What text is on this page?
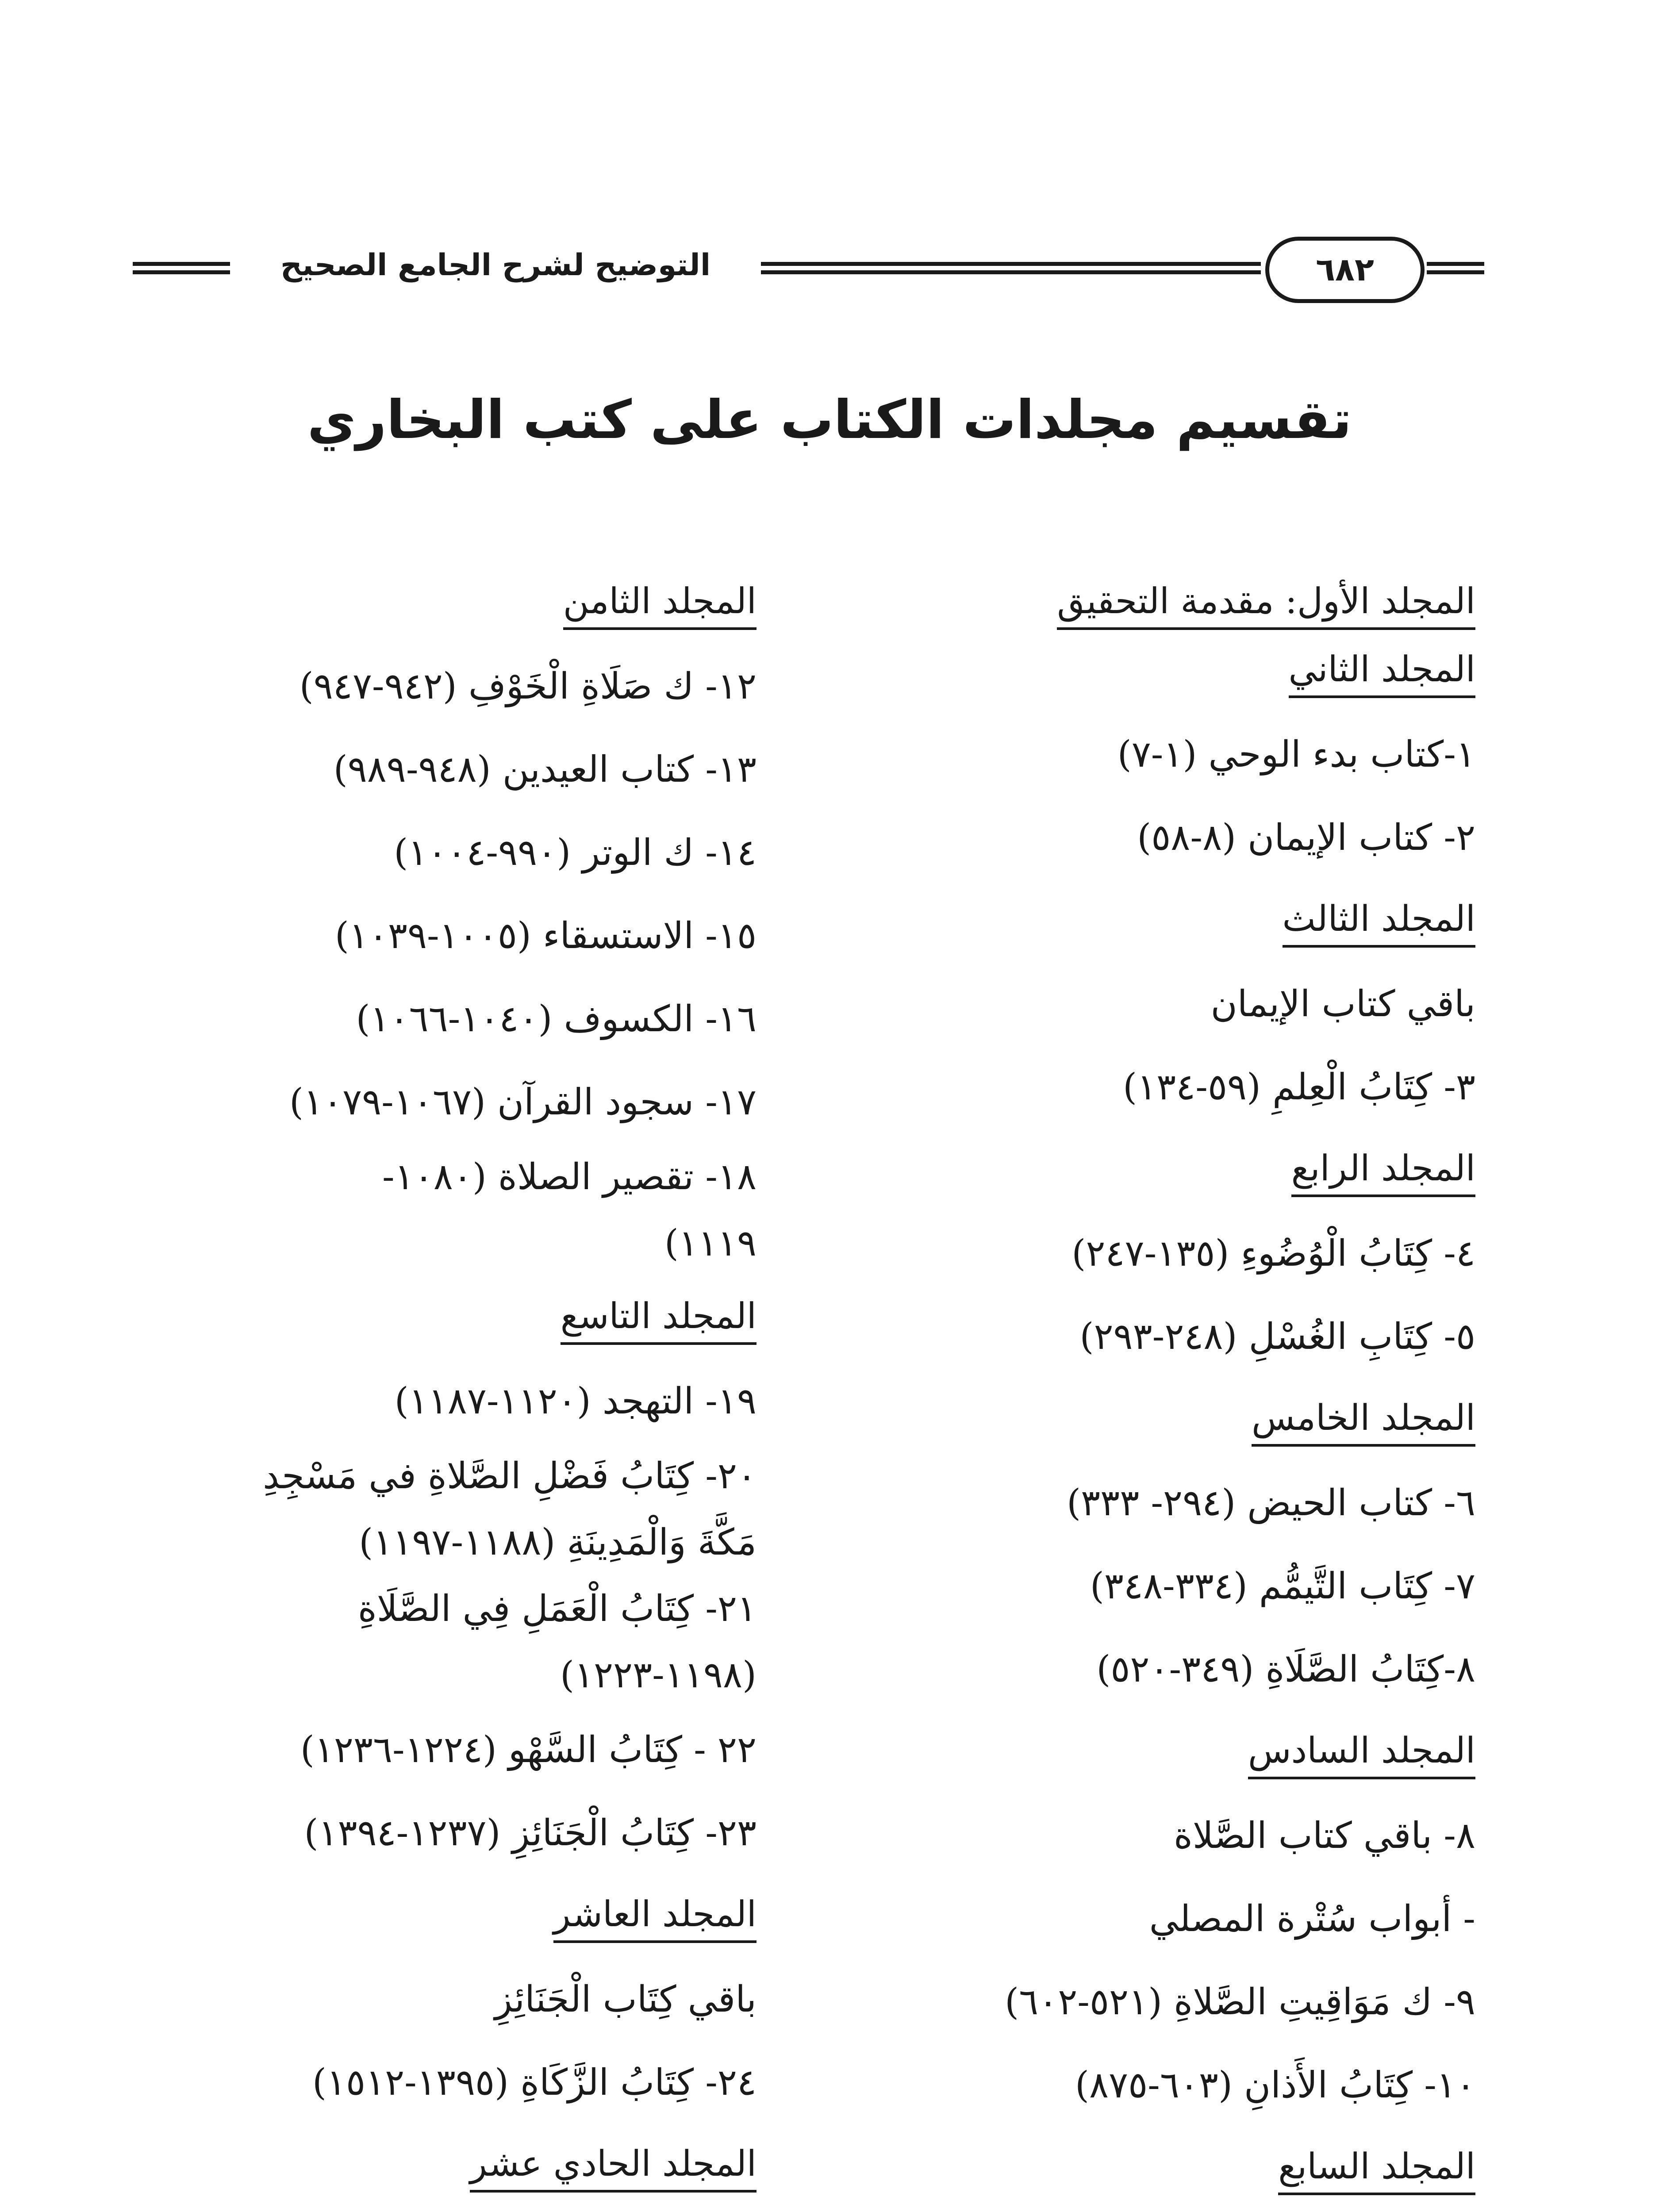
التوضيح لشرح الجامع الصحيح	٦٨٢
تقسيم مجلدات الكتاب على كتب البخاري
المجلد الأول: مقدمة التحقيق
المجلد الثاني
١-كتاب بدء الوحي (١-٧)
٢- كتاب الإيمان (٨-٥٨)
المجلد الثالث
باقي كتاب الإيمان
٣- كِتَابُ الْعِلمِ (٥٩-١٣٤)
المجلد الرابع
٤- كِتَابُ الْوُضُوءِ (١٣٥-٢٤٧)
٥- كِتَابِ الغُسْلِ (٢٤٨-٢٩٣)
المجلد الخامس
٦- كتاب الحيض (٢٩٤- ٣٣٣)
٧- كِتَاب التَّيمُّم (٣٣٤-٣٤٨)
٨-كِتَابُ الصَّلَاةِ (٣٤٩-٥٢٠)
المجلد السادس
٨- باقي كتاب الصَّلاة
- أبواب سُتْرة المصلي
٩- ك مَوَاقِيتِ الصَّلاةِ (٥٢١-٦٠٢)
١٠- كِتَابُ الأَذانِ (٦٠٣-٨٧٥)
المجلد السابع
المجلد الثامن
١٢- ك صَلَاةِ الْخَوْفِ (٩٤٢-٩٤٧)
١٣- كتاب العيدين (٩٤٨-٩٨٩)
١٤- ك الوتر (٩٩٠-١٠٠٤)
١٥- الاستسقاء (١٠٠٥-١٠٣٩)
١٦- الكسوف (١٠٤٠-١٠٦٦)
١٧- سجود القرآن (١٠٦٧-١٠٧٩)
١٨- تقصير الصلاة (١٠٨٠-
١١١٩)
المجلد التاسع
١٩- التهجد (١١٢٠-١١٨٧)
٢٠- كِتَابُ فَضْلِ الصَّلاةِ في مَسْجِدِ
مَكَّةَ وَالْمَدِينَةِ (١١٨٨-١١٩٧)
٢١- كِتَابُ الْعَمَلِ فِي الصَّلَاةِ
(١١٩٨-١٢٢٣)
٢٢ - كِتَابُ السَّهْو (١٢٢٤-١٢٣٦)
٢٣- كِتَابُ الْجَنَائِزِ (١٢٣٧-١٣٩٤)
المجلد العاشر
باقي كِتَاب الْجَنَائِزِ
٢٤- كِتَابُ الزَّكَاةِ (١٣٩٥-١٥١٢)
المجلد الحادي عشر
